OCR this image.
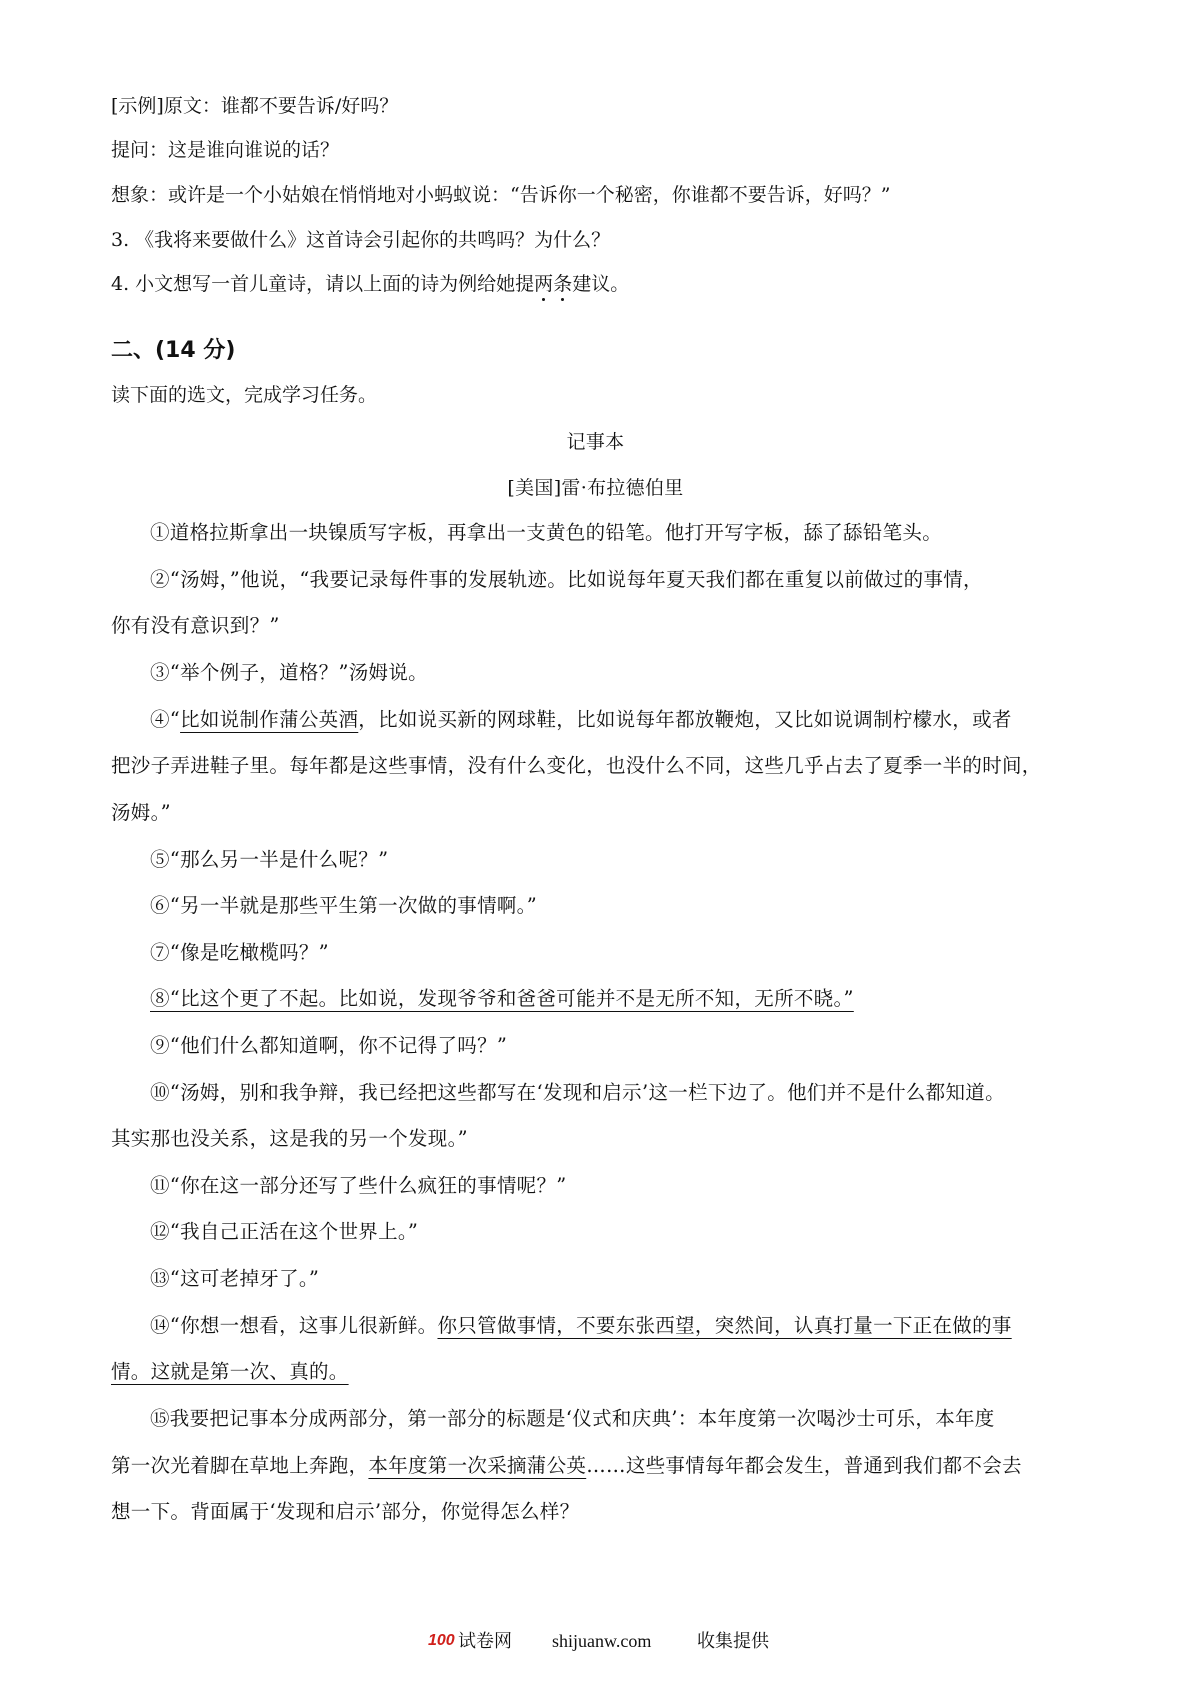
[示例]原文：谁都不要告诉/好吗？
提问：这是谁向谁说的话？
想象：或许是一个小姑娘在悄悄地对小蚂蚁说：“告诉你一个秘密，你谁都不要告诉，好吗？”
3. 《我将来要做什么》这首诗会引起你的共鸣吗？为什么？
4. 小文想写一首儿童诗，请以上面的诗为例给她提两条建议。
二、(14 分)
读下面的选文，完成学习任务。
记事本
[美国]雷·布拉德伯里
①道格拉斯拿出一块镍质写字板，再拿出一支黄色的铅笔。他打开写字板，舔了舔铅笔头。
②“汤姆，”他说，“我要记录每件事的发展轨迹。比如说每年夏天我们都在重复以前做过的事情，
你有没有意识到？”
③“举个例子，道格？”汤姆说。
④“比如说制作蒲公英酒，比如说买新的网球鞋，比如说每年都放鞭炮，又比如说调制柠檬水，或者
把沙子弄进鞋子里。每年都是这些事情，没有什么变化，也没什么不同，这些几乎占去了夏季一半的时间，
汤姆。”
⑤“那么另一半是什么呢？”
⑥“另一半就是那些平生第一次做的事情啊。”
⑦“像是吃橄榄吗？”
⑧“比这个更了不起。比如说，发现爷爷和爸爸可能并不是无所不知，无所不晓。”
⑨“他们什么都知道啊，你不记得了吗？”
⑩“汤姆，别和我争辩，我已经把这些都写在‘发现和启示’这一栏下边了。他们并不是什么都知道。
其实那也没关系，这是我的另一个发现。”
⑪“你在这一部分还写了些什么疯狂的事情呢？”
⑫“我自己正活在这个世界上。”
⑬“这可老掉牙了。”
⑭“你想一想看，这事儿很新鲜。你只管做事情，不要东张西望，突然间，认真打量一下正在做的事
情。这就是第一次、真的。
⑮我要把记事本分成两部分，第一部分的标题是‘仪式和庆典’：本年度第一次喝沙士可乐，本年度
第一次光着脚在草地上奔跑，本年度第一次采摘蒲公英……这些事情每年都会发生，普通到我们都不会去
想一下。背面属于‘发现和启示’部分，你觉得怎么样？
100 试卷网 shijuanw.com	收集提供
